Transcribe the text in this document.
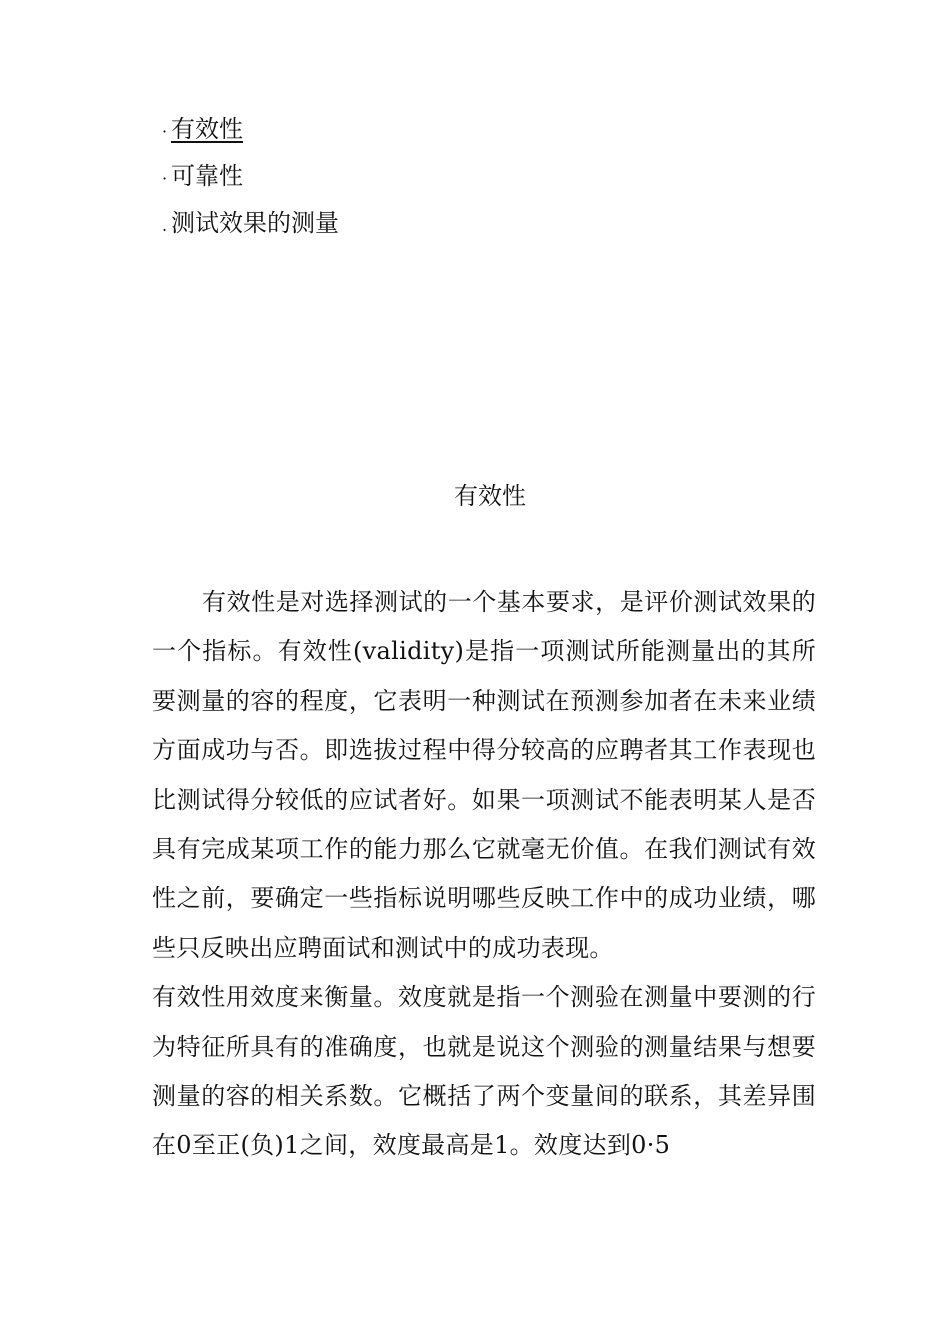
· 有效性
· 可靠性
. 测试效果的测量
有效性

有效性是对选择测试的一个基本要求，是评价测试效果的一个指标。有效性(validity)是指一项测试所能测量出的其所要测量的容的程度，它表明一种测试在预测参加者在未来业绩方面成功与否。即选拔过程中得分较高的应聘者其工作表现也比测试得分较低的应试者好。如果一项测试不能表明某人是否具有完成某项工作的能力那么它就毫无价值。在我们测试有效性之前，要确定一些指标说明哪些反映工作中的成功业绩，哪些只反映出应聘面试和测试中的成功表现。

有效性用效度来衡量。效度就是指一个测验在测量中要测的行为特征所具有的准确度，也就是说这个测验的测量结果与想要测量的容的相关系数。它概括了两个变量间的联系，其差异围在0至正(负)1之间，效度最高是1。效度达到0·5
